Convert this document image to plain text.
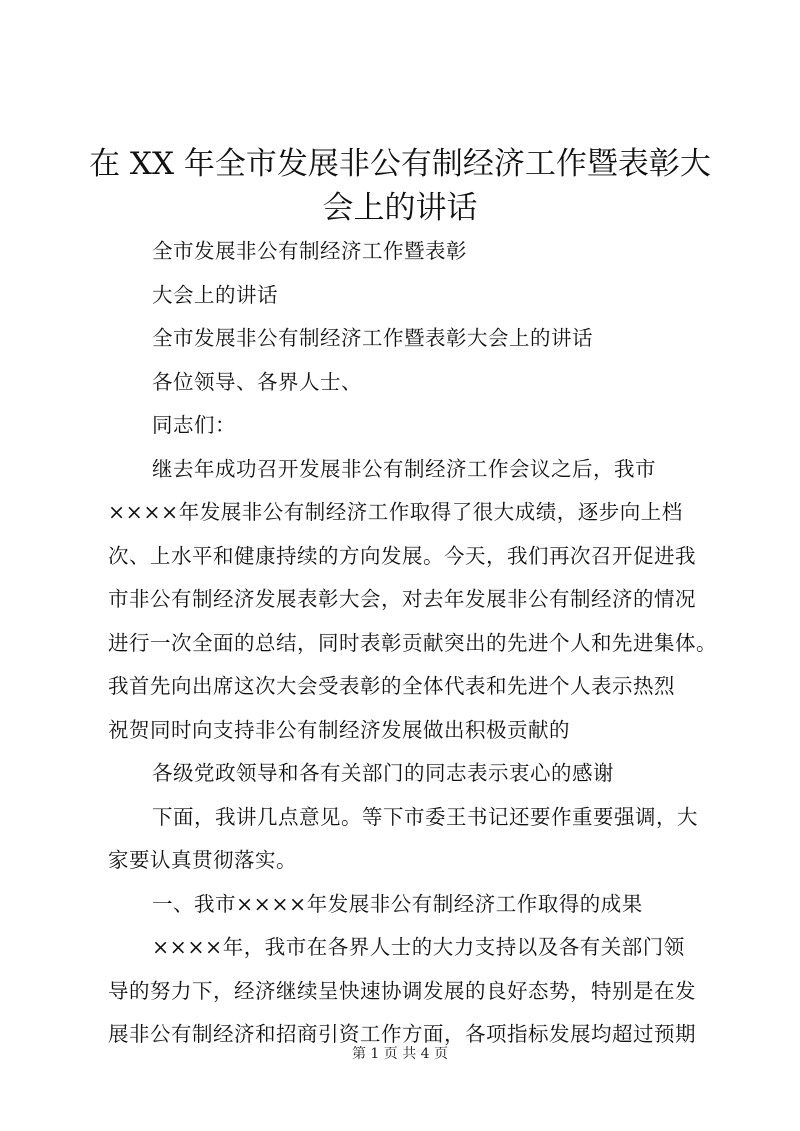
在 XX 年全市发展非公有制经济工作暨表彰大
会上的讲话

全市发展非公有制经济工作暨表彰

大会上的讲话

全市发展非公有制经济工作暨表彰大会上的讲话

各位领导、各界人士、

同志们：

继去年成功召开发展非公有制经济工作会议之后，我市

××××年发展非公有制经济工作取得了很大成绩，逐步向上档

次、上水平和健康持续的方向发展。今天，我们再次召开促进我

市非公有制经济发展表彰大会，对去年发展非公有制经济的情况

进行一次全面的总结，同时表彰贡献突出的先进个人和先进集体。

我首先向出席这次大会受表彰的全体代表和先进个人表示热烈

祝贺同时向支持非公有制经济发展做出积极贡献的

各级党政领导和各有关部门的同志表示衷心的感谢

下面，我讲几点意见。等下市委王书记还要作重要强调，大

家要认真贯彻落实。

一、我市××××年发展非公有制经济工作取得的成果

××××年，我市在各界人士的大力支持以及各有关部门领

导的努力下，经济继续呈快速协调发展的良好态势，特别是在发

展非公有制经济和招商引资工作方面，各项指标发展均超过预期

第 1 页 共 4 页
